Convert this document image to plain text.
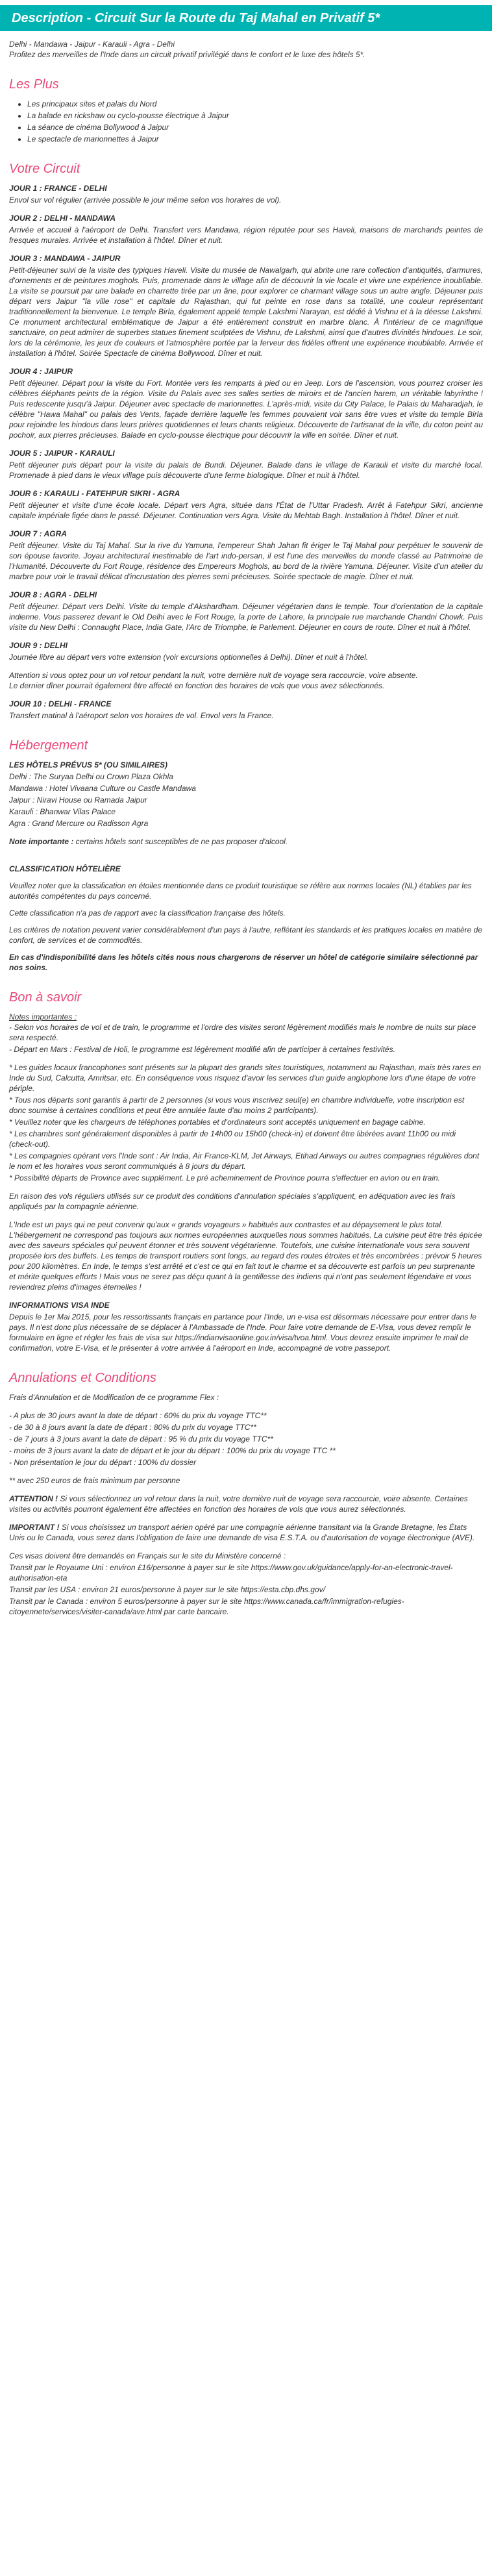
Description - Circuit Sur la Route du Taj Mahal en Privatif 5*
Delhi - Mandawa - Jaipur - Karauli - Agra - Delhi
Profitez des merveilles de l'Inde dans un circuit privatif privilégié dans le confort et le luxe des hôtels 5*.
Les Plus
• Les principaux sites et palais du Nord
• La balade en rickshaw ou cyclo-pousse électrique à Jaipur
• La séance de cinéma Bollywood à Jaipur
• Le spectacle de marionnettes à Jaipur
Votre Circuit
JOUR 1 : FRANCE - DELHI
Envol sur vol régulier (arrivée possible le jour même selon vos horaires de vol).
JOUR 2 : DELHI - MANDAWA
Arrivée et accueil à l'aéroport de Delhi. Transfert vers Mandawa, région réputée pour ses Haveli, maisons de marchands peintes de fresques murales. Arrivée et installation à l'hôtel. Dîner et nuit.
JOUR 3 : MANDAWA - JAIPUR
Petit-déjeuner suivi de la visite des typiques Haveli. Visite du musée de Nawalgarh, qui abrite une rare collection d'antiquités, d'armures, d'ornements et de peintures moghols. Puis, promenade dans le village afin de découvrir la vie locale et vivre une expérience inoubliable. La visite se poursuit par une balade en charrette tirée par un âne, pour explorer ce charmant village sous un autre angle. Déjeuner puis départ vers Jaipur "la ville rose" et capitale du Rajasthan, qui fut peinte en rose dans sa totalité, une couleur représentant traditionnellement la bienvenue. Le temple Birla, également appelé temple Lakshmi Narayan, est dédié à Vishnu et à la déesse Lakshmi. Ce monument architectural emblématique de Jaipur a été entièrement construit en marbre blanc. À l'intérieur de ce magnifique sanctuaire, on peut admirer de superbes statues finement sculptées de Vishnu, de Lakshmi, ainsi que d'autres divinités hindoues. Le soir, lors de la cérémonie, les jeux de couleurs et l'atmosphère portée par la ferveur des fidèles offrent une expérience inoubliable. Arrivée et installation à l'hôtel. Soirée Spectacle de cinéma Bollywood. Dîner et nuit.
JOUR 4 : JAIPUR
Petit déjeuner. Départ pour la visite du Fort. Montée vers les remparts à pied ou en Jeep. Lors de l'ascension, vous pourrez croiser les célèbres éléphants peints de la région. Visite du Palais avec ses salles serties de miroirs et de l'ancien harem, un véritable labyrinthe ! Puis redescente jusqu'à Jaipur. Déjeuner avec spectacle de marionnettes. L'après-midi, visite du City Palace, le Palais du Maharadjah, le célèbre "Hawa Mahal" ou palais des Vents, façade derrière laquelle les femmes pouvaient voir sans être vues et visite du temple Birla pour rejoindre les hindous dans leurs prières quotidiennes et leurs chants religieux. Découverte de l'artisanat de la ville, du coton peint au pochoir, aux pierres précieuses. Balade en cyclo-pousse électrique pour découvrir la ville en soirée. Dîner et nuit.
JOUR 5 : JAIPUR - KARAULI
Petit déjeuner puis départ pour la visite du palais de Bundi. Déjeuner. Balade dans le village de Karauli et visite du marché local. Promenade à pied dans le vieux village puis découverte d'une ferme biologique. Dîner et nuit à l'hôtel.
JOUR 6 : KARAULI - FATEHPUR SIKRI - AGRA
Petit déjeuner et visite d'une école locale. Départ vers Agra, située dans l'État de l'Uttar Pradesh. Arrêt à Fatehpur Sikri, ancienne capitale impériale figée dans le passé. Déjeuner. Continuation vers Agra. Visite du Mehtab Bagh. Installation à l'hôtel. Dîner et nuit.
JOUR 7 : AGRA
Petit déjeuner. Visite du Taj Mahal. Sur la rive du Yamuna, l'empereur Shah Jahan fit ériger le Taj Mahal pour perpétuer le souvenir de son épouse favorite. Joyau architectural inestimable de l'art indo-persan, il est l'une des merveilles du monde classé au Patrimoine de l'Humanité. Découverte du Fort Rouge, résidence des Empereurs Moghols, au bord de la rivière Yamuna. Déjeuner. Visite d'un atelier du marbre pour voir le travail délicat d'incrustation des pierres semi précieuses. Soirée spectacle de magie. Dîner et nuit.
JOUR 8 : AGRA - DELHI
Petit déjeuner. Départ vers Delhi. Visite du temple d'Akshardham. Déjeuner végétarien dans le temple. Tour d'orientation de la capitale indienne. Vous passerez devant le Old Delhi avec le Fort Rouge, la porte de Lahore, la principale rue marchande Chandni Chowk. Puis visite du New Delhi : Connaught Place, India Gate, l'Arc de Triomphe, le Parlement. Déjeuner en cours de route. Dîner et nuit à l'hôtel.
JOUR 9 : DELHI
Journée libre au départ vers votre extension (voir excursions optionnelles à Delhi). Dîner et nuit à l'hôtel.
Attention si vous optez pour un vol retour pendant la nuit, votre dernière nuit de voyage sera raccourcie, voire absente.
Le dernier dîner pourrait également être affecté en fonction des horaires de vols que vous avez sélectionnés.
JOUR 10 : DELHI - FRANCE
Transfert matinal à l'aéroport selon vos horaires de vol. Envol vers la France.
Hébergement
LES HÔTELS PRÉVUS 5* (OU SIMILAIRES)
Delhi : The Suryaa Delhi ou Crown Plaza Okhla
Mandawa : Hotel Vivaana Culture ou Castle Mandawa
Jaipur : Niravi House ou Ramada Jaipur
Karauli : Bhanwar Vilas Palace
Agra : Grand Mercure ou Radisson Agra
Note importante : certains hôtels sont susceptibles de ne pas proposer d'alcool.
CLASSIFICATION HÔTELIÈRE
Veuillez noter que la classification en étoiles mentionnée dans ce produit touristique se réfère aux normes locales (NL) établies par les autorités compétentes du pays concerné.
Cette classification n'a pas de rapport avec la classification française des hôtels.
Les critères de notation peuvent varier considérablement d'un pays à l'autre, reflétant les standards et les pratiques locales en matière de confort, de services et de commodités.
En cas d'indisponibilité dans les hôtels cités nous nous chargerons de réserver un hôtel de catégorie similaire sélectionné par nos soins.
Bon à savoir
Notes importantes :
- Selon vos horaires de vol et de train, le programme et l'ordre des visites seront légèrement modifiés mais le nombre de nuits sur place sera respecté.
- Départ en Mars : Festival de Holi, le programme est légèrement modifié afin de participer à certaines festivités.
* Les guides locaux francophones sont présents sur la plupart des grands sites touristiques, notamment au Rajasthan, mais très rares en Inde du Sud, Calcutta, Amritsar, etc. En conséquence vous risquez d'avoir les services d'un guide anglophone lors d'une étape de votre périple.
* Tous nos départs sont garantis à partir de 2 personnes (si vous vous inscrivez seul(e) en chambre individuelle, votre inscription est donc soumise à certaines conditions et peut être annulée faute d'au moins 2 participants).
* Veuillez noter que les chargeurs de téléphones portables et d'ordinateurs sont acceptés uniquement en bagage cabine.
* Les chambres sont généralement disponibles à partir de 14h00 ou 15h00 (check-in) et doivent être libérées avant 11h00 ou midi (check-out).
* Les compagnies opérant vers l'Inde sont : Air India, Air France-KLM, Jet Airways, Etihad Airways ou autres compagnies régulières dont le nom et les horaires vous seront communiqués à 8 jours du départ.
* Possibilité départs de Province avec supplément. Le pré acheminement de Province pourra s'effectuer en avion ou en train.
En raison des vols réguliers utilisés sur ce produit des conditions d'annulation spéciales s'appliquent, en adéquation avec les frais appliqués par la compagnie aérienne.
L'Inde est un pays qui ne peut convenir qu'aux « grands voyageurs » habitués aux contrastes et au dépaysement le plus total. L'hébergement ne correspond pas toujours aux normes européennes auxquelles nous sommes habitués. La cuisine peut être très épicée avec des saveurs spéciales qui peuvent étonner et très souvent végétarienne. Toutefois, une cuisine internationale vous sera souvent proposée lors des buffets. Les temps de transport routiers sont longs, au regard des routes étroites et très encombrées : prévoir 5 heures pour 200 kilomètres. En Inde, le temps s'est arrêté et c'est ce qui en fait tout le charme et sa découverte est parfois un peu surprenante et mérite quelques efforts ! Mais vous ne serez pas déçu quant à la gentillesse des indiens qui n'ont pas seulement légendaire et vous reviendrez pleins d'images éternelles !
INFORMATIONS VISA INDE
Depuis le 1er Mai 2015, pour les ressortissants français en partance pour l'Inde, un e-visa est désormais nécessaire pour entrer dans le pays. Il n'est donc plus nécessaire de se déplacer à l'Ambassade de l'Inde. Pour faire votre demande de E-Visa, vous devez remplir le formulaire en ligne et régler les frais de visa sur https://indianvisaonline.gov.in/visa/tvoa.html. Vous devrez ensuite imprimer le mail de confirmation, votre E-Visa, et le présenter à votre arrivée à l'aéroport en Inde, accompagné de votre passeport.
Annulations et Conditions
Frais d'Annulation et de Modification de ce programme Flex :
- A plus de 30 jours avant la date de départ : 60% du prix du voyage TTC**
- de 30 à 8 jours avant la date de départ : 80% du prix du voyage TTC**
- de 7 jours à 3 jours avant la date de départ : 95 % du prix du voyage TTC**
- moins de 3 jours avant la date de départ et le jour du départ : 100% du prix du voyage TTC **
- Non présentation le jour du départ : 100% du dossier
** avec 250 euros de frais minimum par personne
ATTENTION ! Si vous sélectionnez un vol retour dans la nuit, votre dernière nuit de voyage sera raccourcie, voire absente. Certaines visites ou activités pourront également être affectées en fonction des horaires de vols que vous aurez sélectionnés.
IMPORTANT ! Si vous choisissez un transport aérien opéré par une compagnie aérienne transitant via la Grande Bretagne, les États Unis ou le Canada, vous serez dans l'obligation de faire une demande de visa E.S.T.A. ou d'autorisation de voyage électronique (AVE).
Ces visas doivent être demandés en Français sur le site du Ministère concerné :
Transit par le Royaume Uni : environ £16/personne à payer sur le site https://www.gov.uk/guidance/apply-for-an-electronic-travel-authorisation-eta
Transit par les USA : environ 21 euros/personne à payer sur le site https://esta.cbp.dhs.gov/
Transit par le Canada : environ 5 euros/personne à payer sur le site https://www.canada.ca/fr/immigration-refugies-citoyennete/services/visiter-canada/ave.html par carte bancaire.
